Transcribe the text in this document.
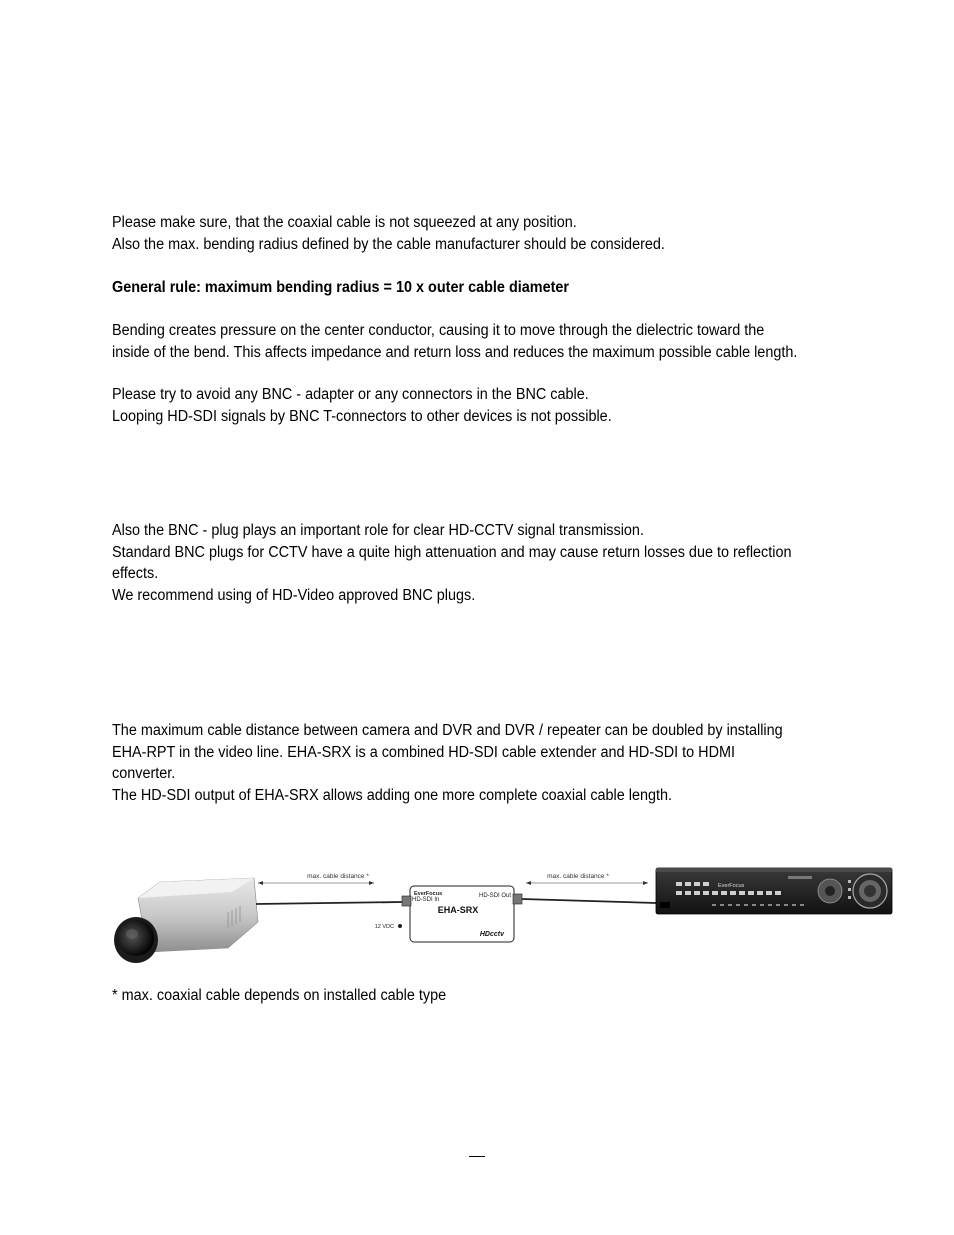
Please make sure, that the coaxial cable is not squeezed at any position.

Also the max. bending radius defined by the cable manufacturer should be considered.

General rule: maximum bending radius = 10 x outer cable diameter

Bending creates pressure on the center conductor, causing it to move through the dielectric toward the

inside of the bend. This affects impedance and return loss and reduces the maximum possible cable length.

Please try to avoid any BNC - adapter or any connectors in the BNC cable.

Looping HD-SDI signals by BNC T-connectors to other devices is not possible.

Also the BNC - plug plays an important role for clear HD-CCTV signal transmission.

Standard BNC plugs for CCTV have a quite high attenuation and may cause return losses due to reflection

effects.

We recommend using of HD-Video approved BNC plugs.

The maximum cable distance between camera and DVR and DVR / repeater can be doubled by installing

EHA-RPT in the video line. EHA-SRX is a combined HD-SDI cable extender and HD-SDI to HDMI

converter.

The HD-SDI output of EHA-SRX allows adding one more complete coaxial cable length.

max. cable distance *
EverFocus
HD-SDI In
HD-SDI Out
EHA-SRX
12 VDC
HDcctv
max. cable distance *
EverFocus
* max. coaxial cable depends on installed cable type
